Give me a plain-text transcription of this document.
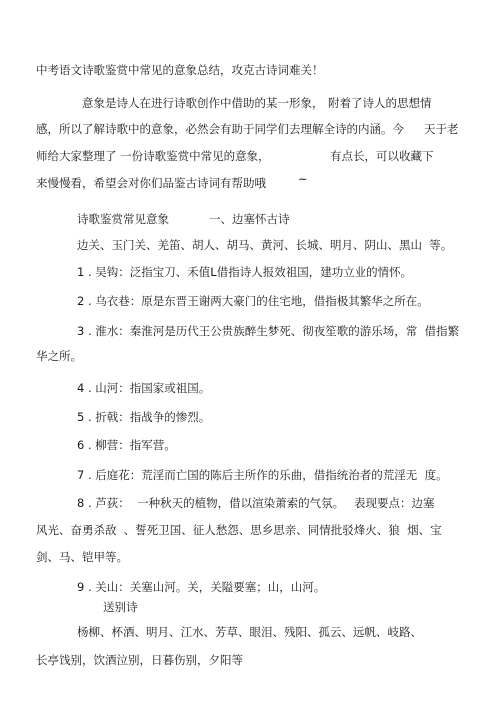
中考语文诗歌鉴赏中常见的意象总结，攻克古诗词难关！
意象是诗人在进行诗歌创作中借助的某一形象， 附着了诗人的思想情
感，所以了解诗歌中的意象，必然会有助于同学们去理解全诗的内涵。今 天于老
师给大家整理了 一份诗歌鉴赏中常见的意象，	有点长，可以收藏下
来慢慢看，希望会对你们品鉴古诗词有帮助哦	~
诗歌鉴赏常见意象	一、边塞怀古诗
边关、玉门关、羌笛、胡人、胡马、黄河、长城、明月、阴山、黑山  等。
1 . 吴钩：泛指宝刀、禾值L借指诗人报效祖国，建功立业的情怀。
2 . 乌衣巷：原是东晋王谢两大豪门的住宅地，借指极其繁华之所在。
3 . 淮水：秦淮河是历代王公贵族醉生梦死、彻夜笙歌的游乐场，常  借指繁
华之所。
4 . 山河：指国家或祖国。
5 . 折戟：指战争的惨烈。
6 . 柳营：指军营。
7 . 后庭花：荒淫而亡国的陈后主所作的乐曲，借指统治者的荒淫无  度。
8 . 芦荻：  一种秋天的植物，借以渲染萧索的气氛。 表现要点：边塞
风光、奋勇杀敌  、誓死卫国、征人愁怨、思乡思亲、同情批驳烽火、狼  烟、宝
剑、马、铠甲等。
9 . 关山：关塞山河。关，关隘要塞；山，山河。
送别诗
杨柳、杯酒、明月、江水、芳草、眼泪、残阳、孤云、远帆、岐路、
长亭饯别，饮酒泣别，日暮伤别，夕阳等
